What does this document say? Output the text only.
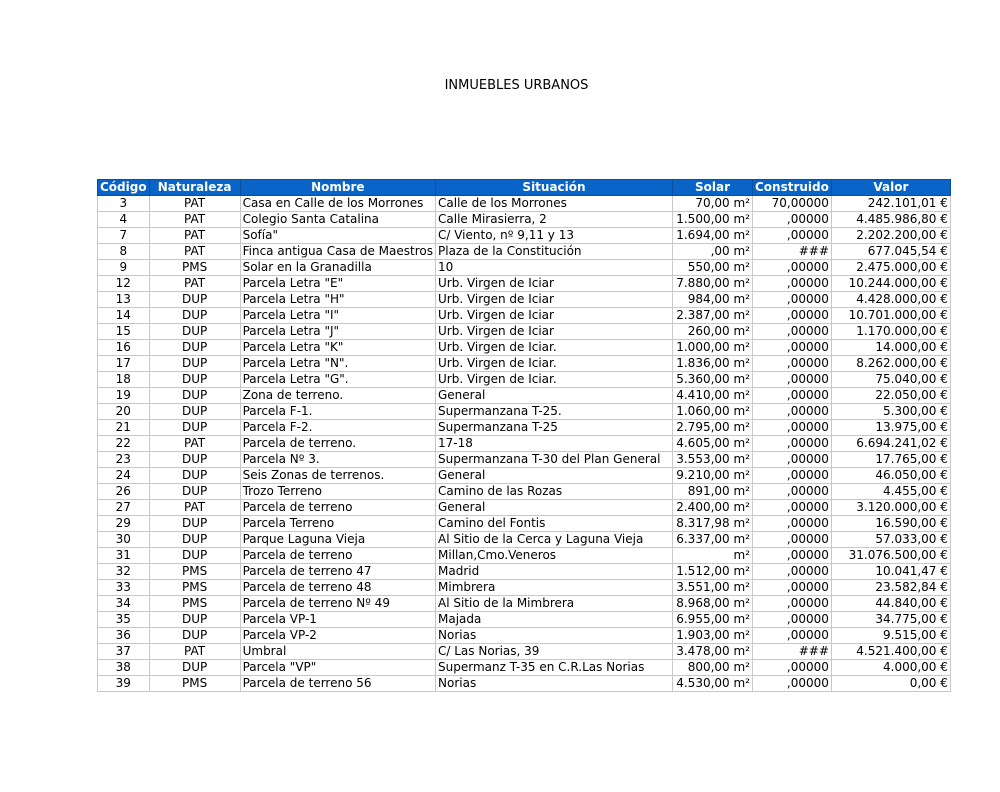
INMUEBLES URBANOS
Código	Naturaleza	Nombre	Situación	Solar	Construido	Valor
3	PAT	Casa en Calle de los Morrones	Calle de los Morrones	70,00 m²	70,00000	242.101,01 €
4	PAT	Colegio Santa Catalina	Calle Mirasierra, 2	1.500,00 m²	,00000	4.485.986,80 €
7	PAT	Sofía"	C/ Viento, nº 9,11 y 13	1.694,00 m²	,00000	2.202.200,00 €
8	PAT	Finca antigua Casa de Maestros	Plaza de la Constitución	,00 m²	###	677.045,54 €
9	PMS	Solar en la Granadilla	10	550,00 m²	,00000	2.475.000,00 €
12	PAT	Parcela Letra "E"	Urb. Virgen de Iciar	7.880,00 m²	,00000	10.244.000,00 €
13	DUP	Parcela Letra "H"	Urb. Virgen de Iciar	984,00 m²	,00000	4.428.000,00 €
14	DUP	Parcela Letra "I"	Urb. Virgen de Iciar	2.387,00 m²	,00000	10.701.000,00 €
15	DUP	Parcela Letra "J"	Urb. Virgen de Iciar	260,00 m²	,00000	1.170.000,00 €
16	DUP	Parcela Letra "K"	Urb. Virgen de Iciar.	1.000,00 m²	,00000	14.000,00 €
17	DUP	Parcela Letra "N".	Urb. Virgen de Iciar.	1.836,00 m²	,00000	8.262.000,00 €
18	DUP	Parcela Letra "G".	Urb. Virgen de Iciar.	5.360,00 m²	,00000	75.040,00 €
19	DUP	Zona de terreno.	General	4.410,00 m²	,00000	22.050,00 €
20	DUP	Parcela F-1.	Supermanzana T-25.	1.060,00 m²	,00000	5.300,00 €
21	DUP	Parcela F-2.	Supermanzana T-25	2.795,00 m²	,00000	13.975,00 €
22	PAT	Parcela de terreno.	17-18	4.605,00 m²	,00000	6.694.241,02 €
23	DUP	Parcela Nº 3.	Supermanzana T-30 del Plan General	3.553,00 m²	,00000	17.765,00 €
24	DUP	Seis Zonas de terrenos.	General	9.210,00 m²	,00000	46.050,00 €
26	DUP	Trozo Terreno	Camino de las Rozas	891,00 m²	,00000	4.455,00 €
27	PAT	Parcela de terreno	General	2.400,00 m²	,00000	3.120.000,00 €
29	DUP	Parcela Terreno	Camino del Fontis	8.317,98 m²	,00000	16.590,00 €
30	DUP	Parque Laguna Vieja	Al Sitio de la Cerca y Laguna Vieja	6.337,00 m²	,00000	57.033,00 €
31	DUP	Parcela de terreno	Millan,Cmo.Veneros	m²	,00000	31.076.500,00 €
32	PMS	Parcela de terreno 47	Madrid	1.512,00 m²	,00000	10.041,47 €
33	PMS	Parcela de terreno 48	Mimbrera	3.551,00 m²	,00000	23.582,84 €
34	PMS	Parcela de terreno Nº 49	Al Sitio de la Mimbrera	8.968,00 m²	,00000	44.840,00 €
35	DUP	Parcela VP-1	Majada	6.955,00 m²	,00000	34.775,00 €
36	DUP	Parcela VP-2	Norias	1.903,00 m²	,00000	9.515,00 €
37	PAT	Umbral	C/ Las Norias, 39	3.478,00 m²	###	4.521.400,00 €
38	DUP	Parcela "VP"	Supermanz T-35 en C.R.Las Norias	800,00 m²	,00000	4.000,00 €
39	PMS	Parcela de terreno 56	Norias	4.530,00 m²	,00000	0,00 €
